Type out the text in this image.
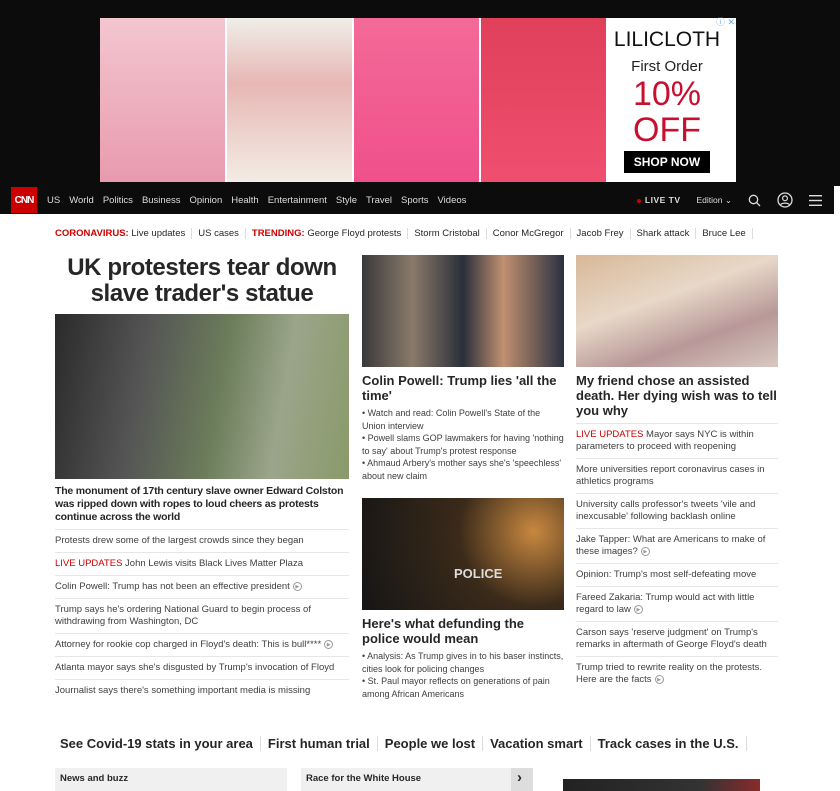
LILICLOTH
First Order
10%
OFF
SHOP NOW
ⓘ ✕
CNN	US World Politics Business Opinion Health Entertainment Style Travel Sports Videos	LIVE TV Edition ⌄
CORONAVIRUS: Live updates	US cases	TRENDING: George Floyd protests	Storm Cristobal	Conor McGregor	Jacob Frey	Shark attack	Bruce Lee
UK protesters tear down slave trader's statue
The monument of 17th century slave owner Edward Colston was ripped down with ropes to loud cheers as protests continue across the world
Protests drew some of the largest crowds since they began
LIVE UPDATES John Lewis visits Black Lives Matter Plaza
Colin Powell: Trump has not been an effective president ▶
Trump says he's ordering National Guard to begin process of withdrawing from Washington, DC
Attorney for rookie cop charged in Floyd's death: This is bull**** ▶
Atlanta mayor says she's disgusted by Trump's invocation of Floyd
Journalist says there's something important media is missing
Colin Powell: Trump lies 'all the time'
• Watch and read: Colin Powell's State of the Union interview
• Powell slams GOP lawmakers for having 'nothing to say' about Trump's protest response
• Ahmaud Arbery's mother says she's 'speechless' about new claim
POLICE
Here's what defunding the police would mean
• Analysis: As Trump gives in to his baser instincts, cities look for policing changes
• St. Paul mayor reflects on generations of pain among African Americans
My friend chose an assisted death. Her dying wish was to tell you why
LIVE UPDATES Mayor says NYC is within parameters to proceed with reopening
More universities report coronavirus cases in athletics programs
University calls professor's tweets 'vile and inexcusable' following backlash online
Jake Tapper: What are Americans to make of these images? ▶
Opinion: Trump's most self-defeating move
Fareed Zakaria: Trump would act with little regard to law ▶
Carson says 'reserve judgment' on Trump's remarks in aftermath of George Floyd's death
Trump tried to rewrite reality on the protests. Here are the facts ▶
See Covid-19 stats in your area	First human trial	People we lost	Vacation smart	Track cases in the U.S.
News and buzz	Race for the White House	›
